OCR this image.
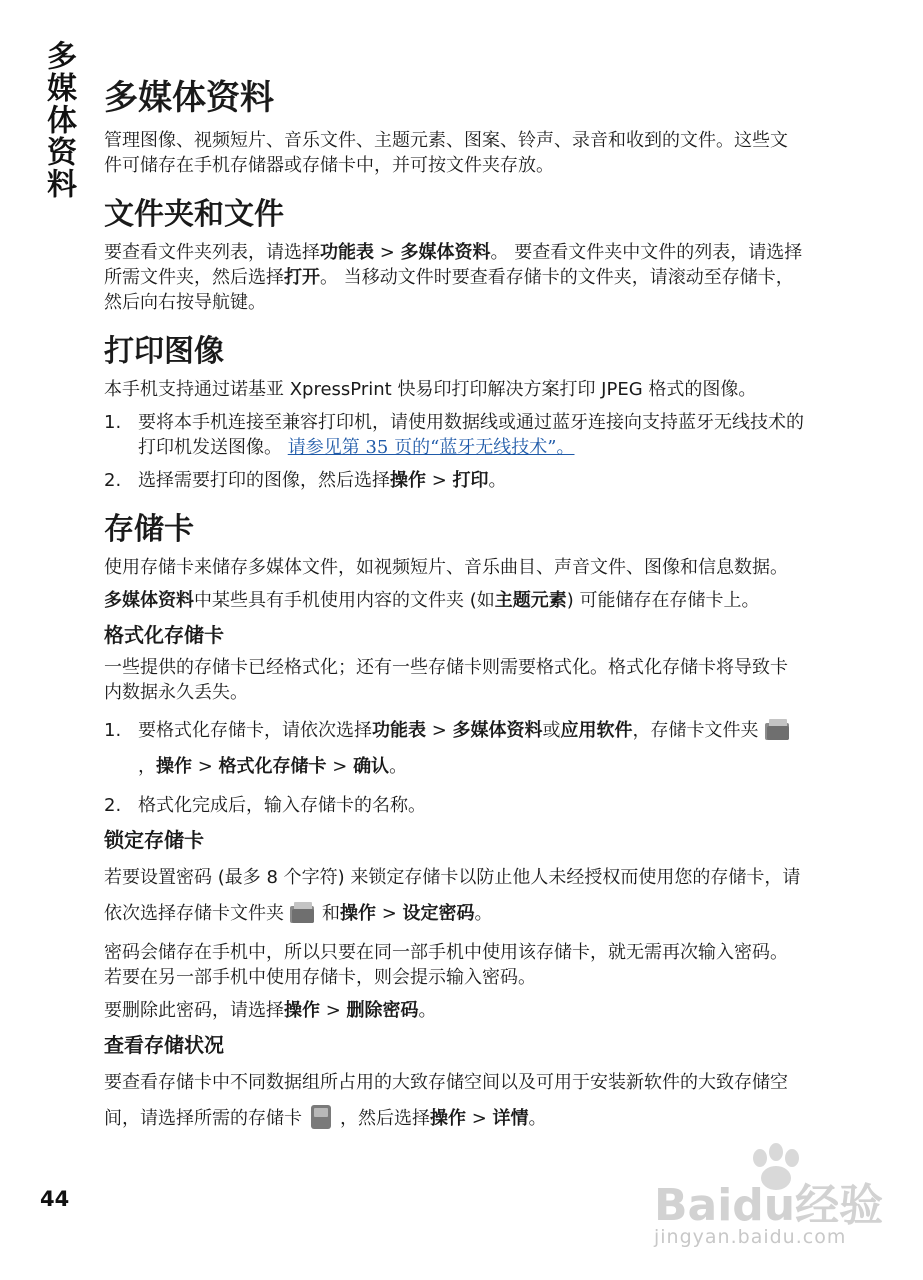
多媒体资料 多媒体资料

管理图像、视频短片、音乐文件、主题元素、图案、铃声、录音和收到的文件。这些文件可储存在手机存储器或存储卡中，并可按文件夹存放。

文件夹和文件

要查看文件夹列表，请选择功能表 > 多媒体资料。 要查看文件夹中文件的列表，请选择所需文件夹，然后选择打开。 当移动文件时要查看存储卡的文件夹，请滚动至存储卡，然后向右按导航键。

打印图像

本手机支持通过诺基亚 XpressPrint 快易印打印解决方案打印 JPEG 格式的图像。

1. 要将本手机连接至兼容打印机，请使用数据线或通过蓝牙连接向支持蓝牙无线技术的打印机发送图像。 请参见第 35 页的“蓝牙无线技术”。
2. 选择需要打印的图像，然后选择操作 > 打印。
存储卡

使用存储卡来储存多媒体文件，如视频短片、音乐曲目、声音文件、图像和信息数据。

多媒体资料中某些具有手机使用内容的文件夹 (如主题元素) 可能储存在存储卡上。

格式化存储卡

一些提供的存储卡已经格式化；还有一些存储卡则需要格式化。格式化存储卡将导致卡内数据永久丢失。

1. 要格式化存储卡，请依次选择功能表 > 多媒体资料或应用软件，存储卡文件夹，操作 > 格式化存储卡 > 确认。
2. 格式化完成后，输入存储卡的名称。
锁定存储卡

若要设置密码 (最多 8 个字符) 来锁定存储卡以防止他人未经授权而使用您的存储卡，请依次选择存储卡文件夹 和操作 > 设定密码。

密码会储存在手机中，所以只要在同一部手机中使用该存储卡，就无需再次输入密码。若要在另一部手机中使用存储卡，则会提示输入密码。

要删除此密码，请选择操作 > 删除密码。

查看存储状况

要查看存储卡中不同数据组所占用的大致存储空间以及可用于安装新软件的大致存储空间，请选择所需的存储卡 ，然后选择操作 > 详情。

44	Baidu经验
jingyan.baidu.com
